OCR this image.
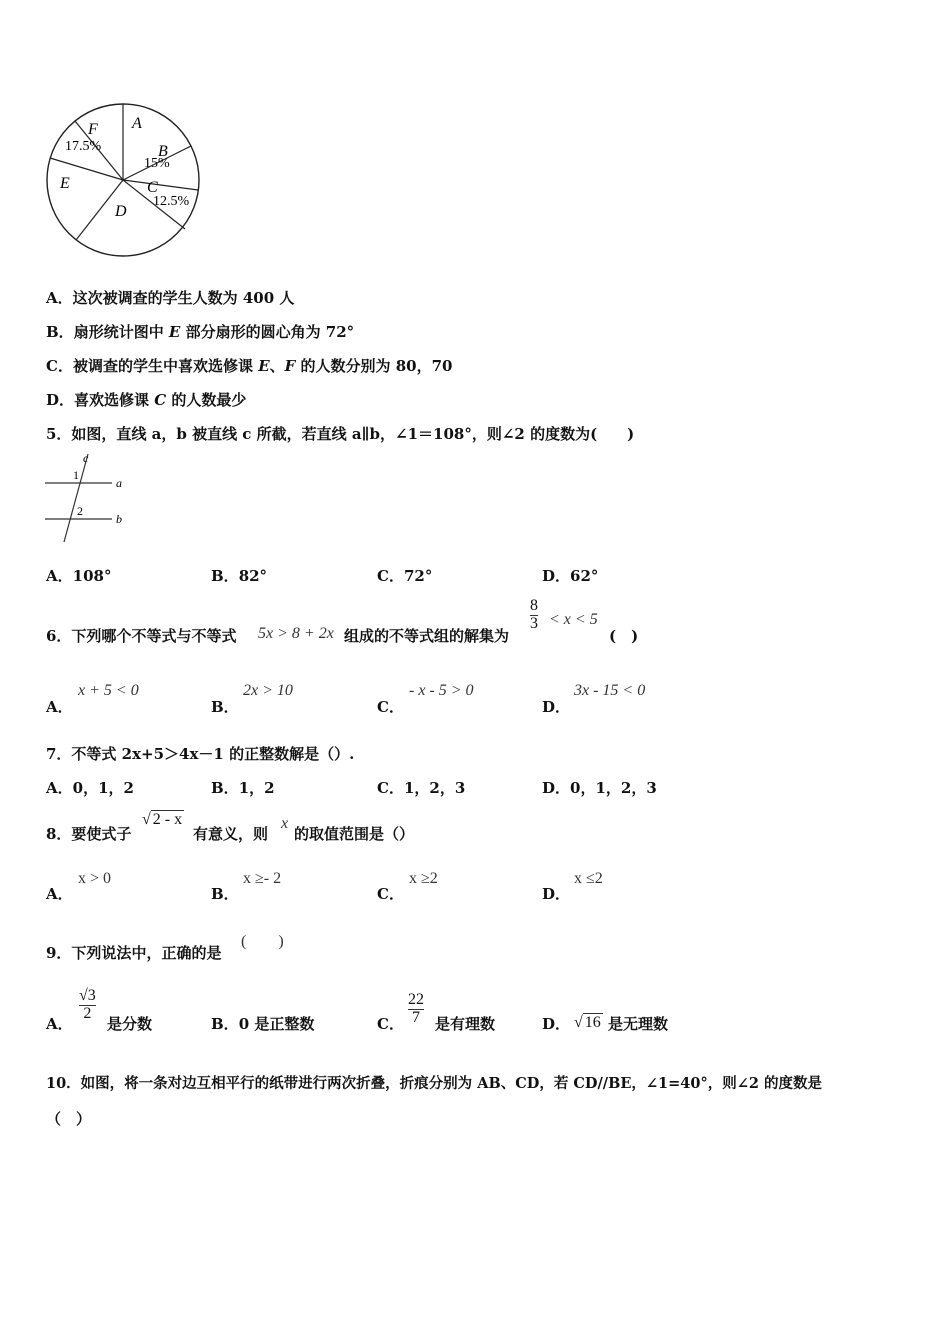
F
17.5%
A
B
15%
C
12.5%
E
D
A．这次被调查的学生人数为 400 人
B．扇形统计图中 E 部分扇形的圆心角为 72°
C．被调查的学生中喜欢选修课 E、F 的人数分别为 80，70
D．喜欢选修课 C 的人数最少
5．如图，直线 a，b 被直线 c 所截，若直线 a∥b，∠1＝108°，则∠2 的度数为(　　)
c
a
b
1
2
A．108°	B．82°	C．72°	D．62°
6．下列哪个不等式与不等式 5x > 8 + 2x 组成的不等式组的解集为
$\frac{8}{3} < x < 5$
(　)
A．
x + 5 < 0
B．
2x > 10
C．
- x - 5 > 0
D．
3x - 15 < 0
7．不等式 2x+5＞4x－1 的正整数解是（）.
A．0，1，2	B．1，2	C．1，2，3	D．0，1，2，3
8．要使式子
√ 2 - x
有意义，则
x
的取值范围是（）
A．
x > 0
B．
x ≥- 2
C．
x ≥2
D．
x ≤2
9．下列说法中，正确的是
(　　)
A．
$\frac{√3}{2}$
是分数	B．0 是正整数	C． $\frac{22}{7}$ 是有理数	D． √ 16 是无理数
10．如图，将一条对边互相平行的纸带进行两次折叠，折痕分别为 AB、CD，若 CD//BE，∠1=40°，则∠2 的度数是
（　）
